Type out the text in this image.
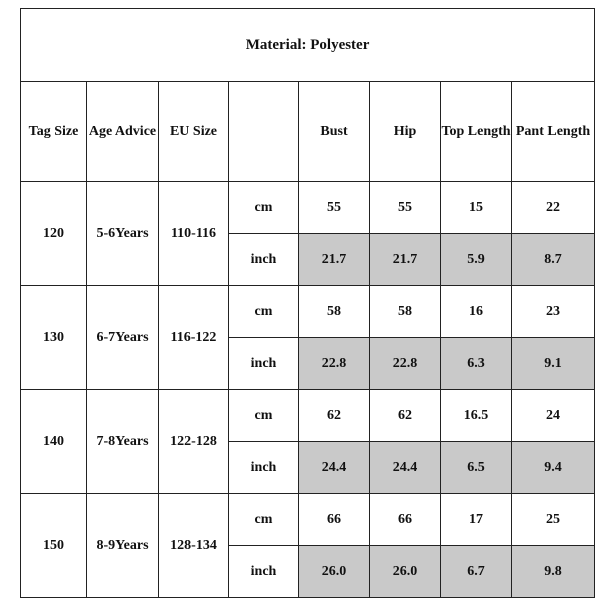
Material: Polyester							
Tag Size	Age Advice	EU Size		Bust	Hip	Top Length	Pant Length
120	5-6Years	110-116	cm	55	55	15	22
			inch	21.7	21.7	5.9	8.7
130	6-7Years	116-122	cm	58	58	16	23
			inch	22.8	22.8	6.3	9.1
140	7-8Years	122-128	cm	62	62	16.5	24
			inch	24.4	24.4	6.5	9.4
150	8-9Years	128-134	cm	66	66	17	25
			inch	26.0	26.0	6.7	9.8
